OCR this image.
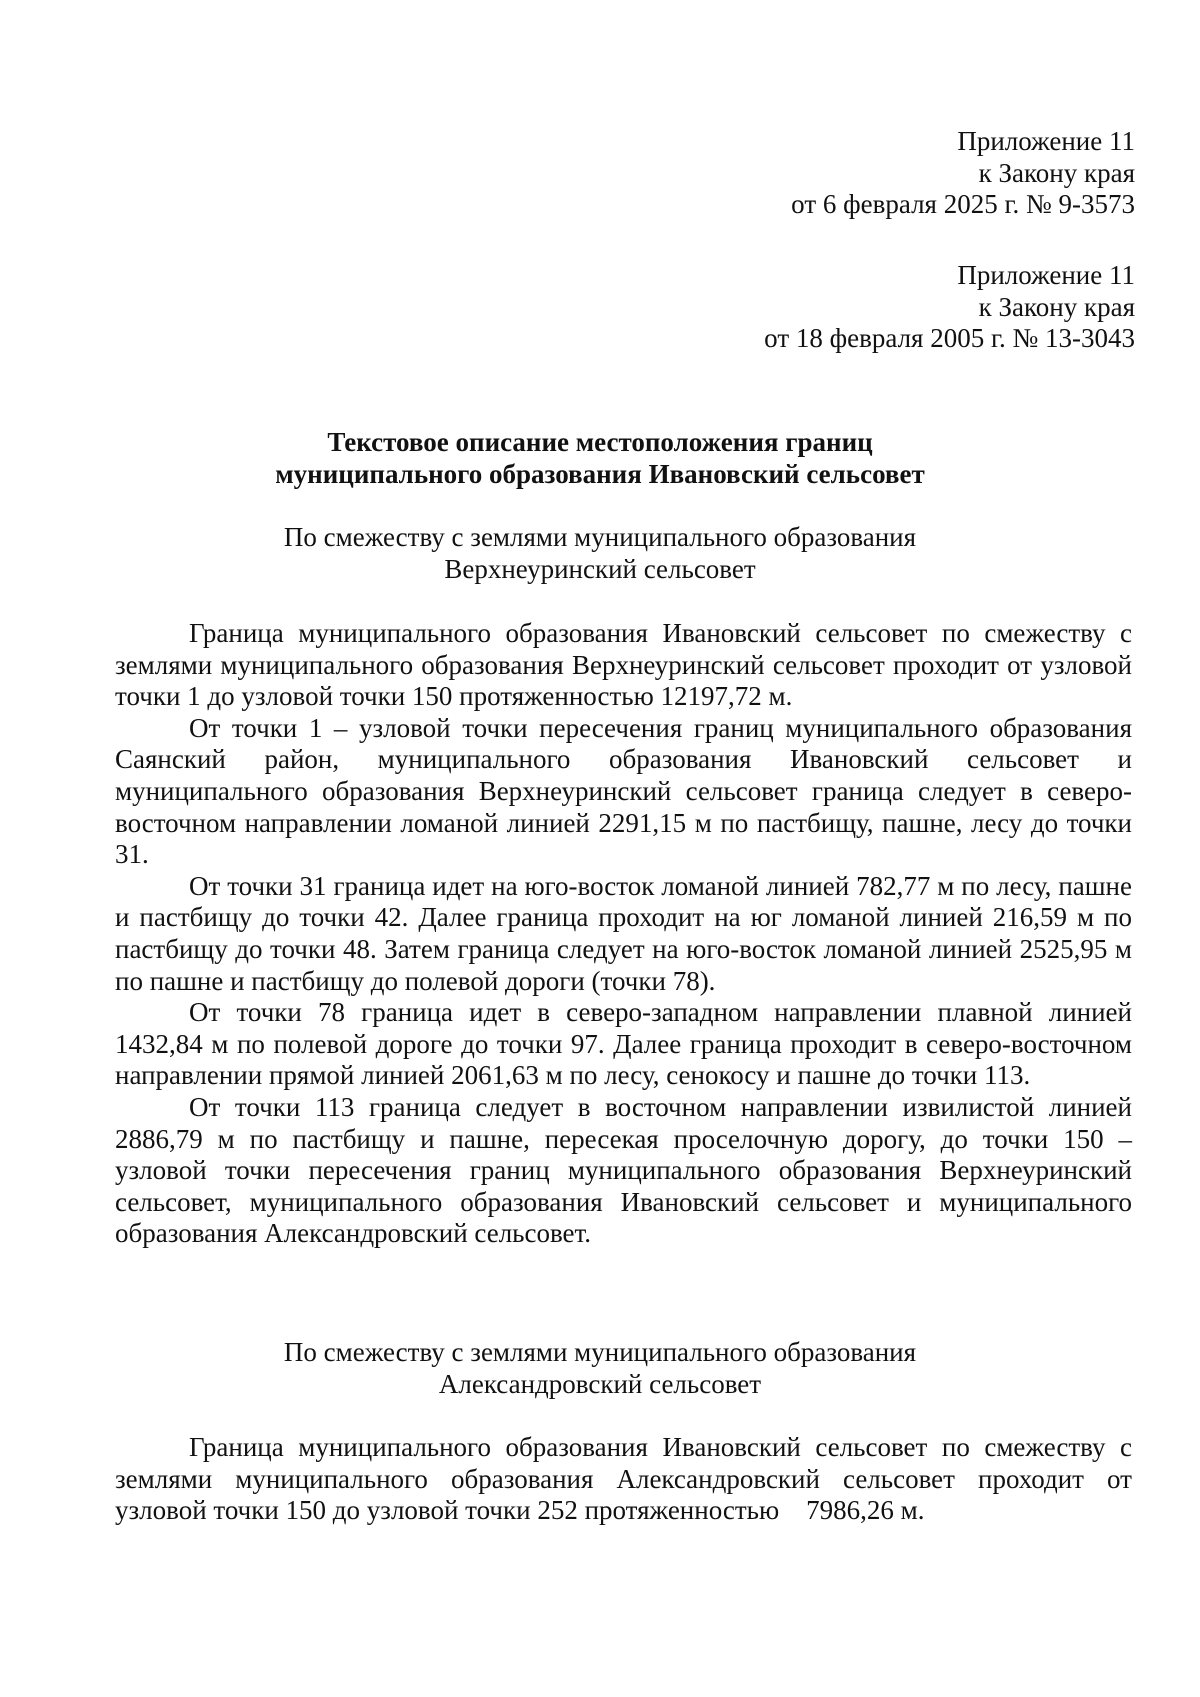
Приложение 11
к Закону края
от 6 февраля 2025 г. № 9-3573
Приложение 11
к Закону края
от 18 февраля 2005 г. № 13-3043
Текстовое описание местоположения границ
муниципального образования Ивановский сельсовет
По смежеству с землями муниципального образования
Верхнеуринский сельсовет

Граница муниципального образования Ивановский сельсовет по смежеству с землями муниципального образования Верхнеуринский сельсовет проходит от узловой точки 1 до узловой точки 150 протяженностью 12197,72 м.

От точки 1 – узловой точки пересечения границ муниципального образования Саянский район, муниципального образования Ивановский сельсовет и муниципального образования Верхнеуринский сельсовет граница следует в северо-восточном направлении ломаной линией 2291,15 м по пастбищу, пашне, лесу до точки 31.

От точки 31 граница идет на юго-восток ломаной линией 782,77 м по лесу, пашне и пастбищу до точки 42. Далее граница проходит на юг ломаной линией 216,59 м по пастбищу до точки 48. Затем граница следует на юго-восток ломаной линией 2525,95 м по пашне и пастбищу до полевой дороги (точки 78).

От точки 78 граница идет в северо-западном направлении плавной линией 1432,84 м по полевой дороге до точки 97. Далее граница проходит в северо-восточном направлении прямой линией 2061,63 м по лесу, сенокосу и пашне до точки 113.

От точки 113 граница следует в восточном направлении извилистой линией 2886,79 м по пастбищу и пашне, пересекая проселочную дорогу, до точки 150 – узловой точки пересечения границ муниципального образования Верхнеуринский сельсовет, муниципального образования Ивановский сельсовет и муниципального образования Александровский сельсовет.

По смежеству с землями муниципального образования
Александровский сельсовет

Граница муниципального образования Ивановский сельсовет по смежеству с землями муниципального образования Александровский сельсовет проходит от узловой точки 150 до узловой точки 252 протяженностью    7986,26 м.
